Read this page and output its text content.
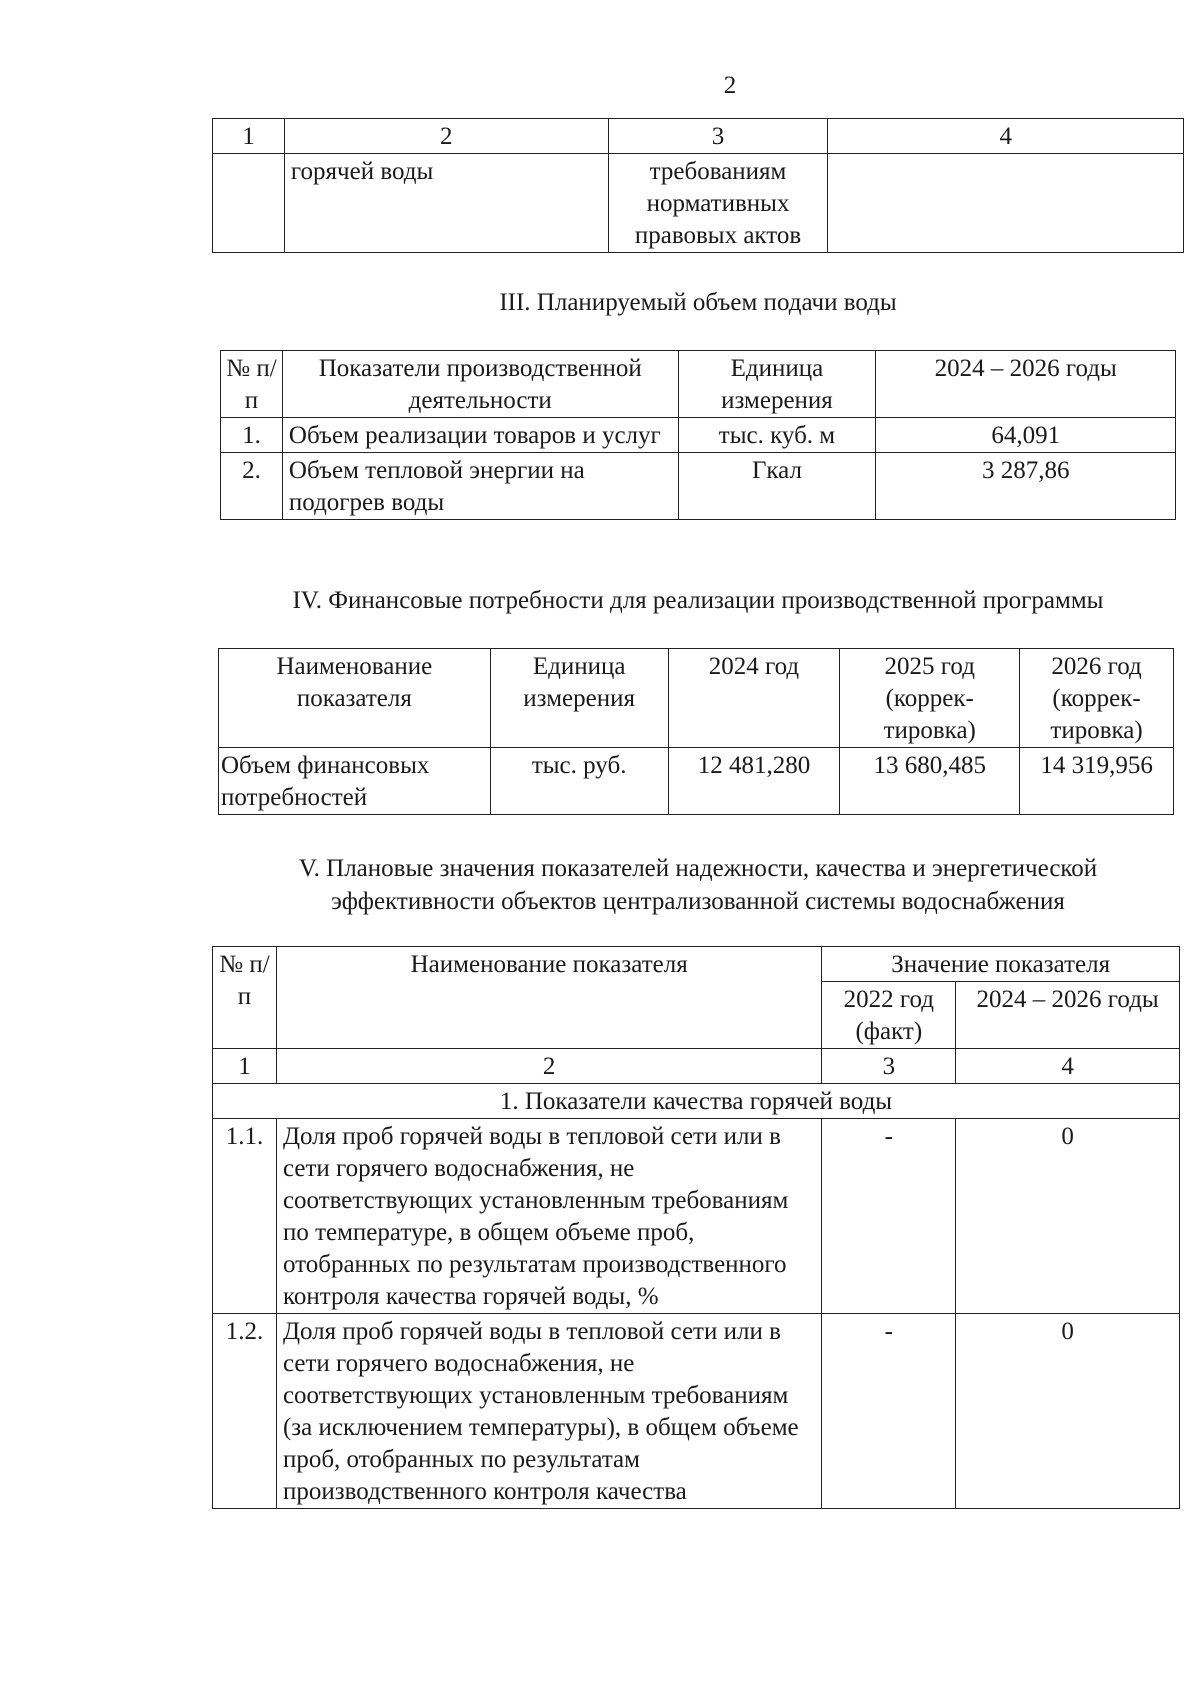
2
1	2	3	4
	горячей воды	требованиям нормативных правовых актов	
III. Планируемый объем подачи воды
№ п/п	Показатели производственной деятельности	Единица измерения	2024 – 2026 годы
1.	Объем реализации товаров и услуг	тыс. куб. м	64,091
2.	Объем тепловой энергии на подогрев воды	Гкал	3 287,86
IV. Финансовые потребности для реализации производственной программы
Наименование показателя	Единица измерения	2024 год	2025 год (коррек-тировка)	2026 год (коррек-тировка)
Объем финансовых потребностей	тыс. руб.	12 481,280	13 680,485	14 319,956
V. Плановые значения показателей надежности, качества и энергетической
эффективности объектов централизованной системы водоснабжения
№ п/п	Наименование показателя	Значение показателя	
		2022 год (факт)	2024 – 2026 годы
1	2	3	4
1. Показатели качества горячей воды			
1.1.	Доля проб горячей воды в тепловой сети или в сети горячего водоснабжения, не соответствующих установленным требованиям по температуре, в общем объеме проб, отобранных по результатам производственного контроля качества горячей воды, %	-	0
1.2.	Доля проб горячей воды в тепловой сети или в сети горячего водоснабжения, не соответствующих установленным требованиям (за исключением температуры), в общем объеме проб, отобранных по результатам производственного контроля качества	-	0
